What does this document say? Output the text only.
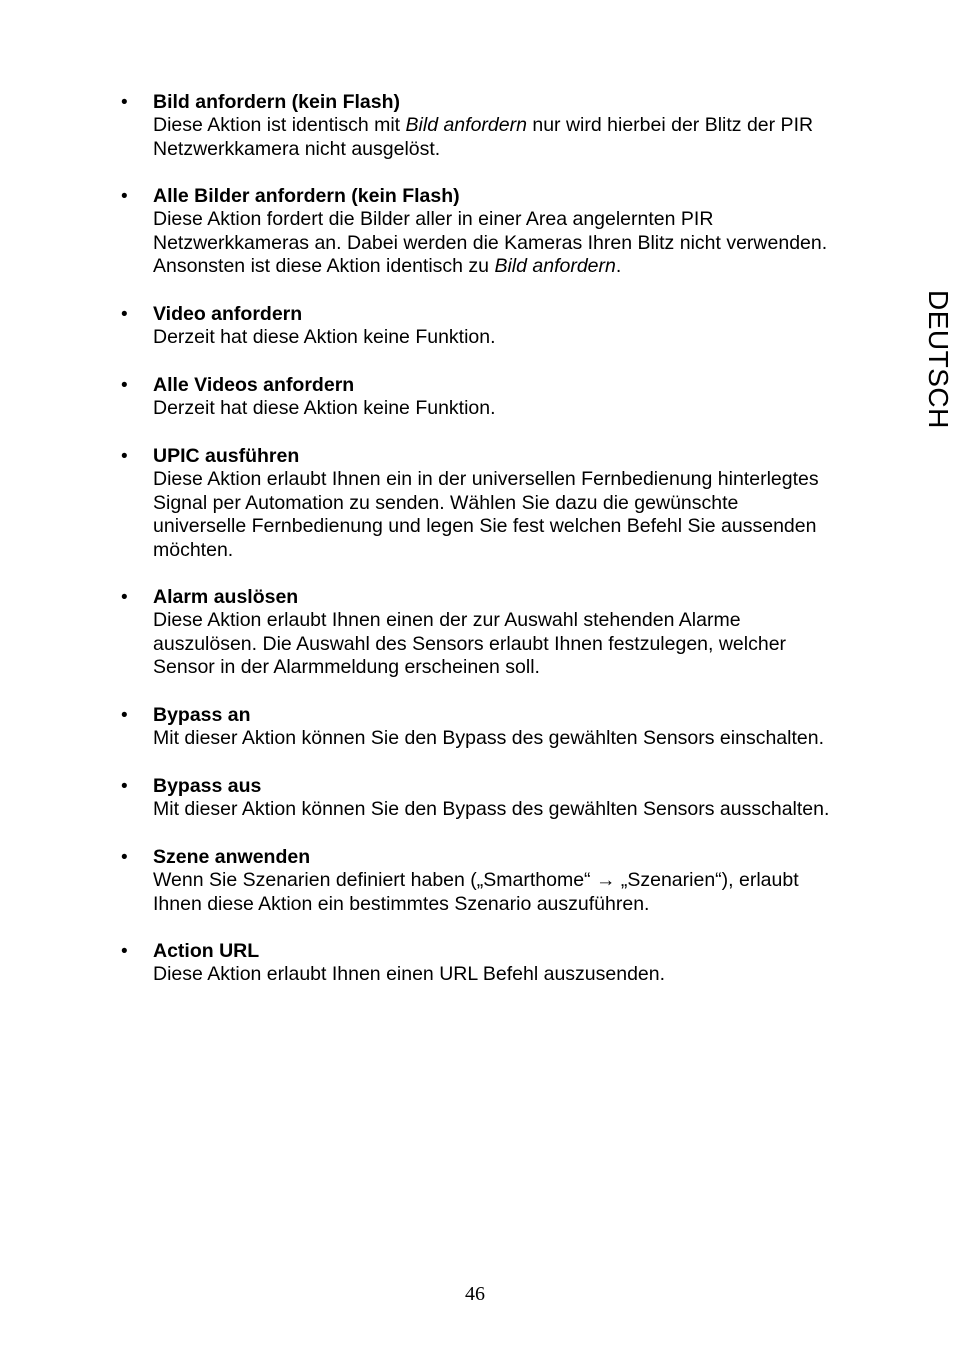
DEUTSCH
• Bild anfordern (kein Flash)
Diese Aktion ist identisch mit Bild anfordern nur wird hierbei der Blitz der PIR
Netzwerkkamera nicht ausgelöst.
• Alle Bilder anfordern (kein Flash)
Diese Aktion fordert die Bilder aller in einer Area angelernten PIR
Netzwerkkameras an. Dabei werden die Kameras Ihren Blitz nicht verwenden.
Ansonsten ist diese Aktion identisch zu Bild anfordern.
• Video anfordern
Derzeit hat diese Aktion keine Funktion.
• Alle Videos anfordern
Derzeit hat diese Aktion keine Funktion.
• UPIC ausführen
Diese Aktion erlaubt Ihnen ein in der universellen Fernbedienung hinterlegtes
Signal per Automation zu senden. Wählen Sie dazu die gewünschte
universelle Fernbedienung und legen Sie fest welchen Befehl Sie aussenden
möchten.
• Alarm auslösen
Diese Aktion erlaubt Ihnen einen der zur Auswahl stehenden Alarme
auszulösen. Die Auswahl des Sensors erlaubt Ihnen festzulegen, welcher
Sensor in der Alarmmeldung erscheinen soll.
• Bypass an
Mit dieser Aktion können Sie den Bypass des gewählten Sensors einschalten.
• Bypass aus
Mit dieser Aktion können Sie den Bypass des gewählten Sensors ausschalten.
• Szene anwenden
Wenn Sie Szenarien definiert haben („Smarthome“ → „Szenarien“), erlaubt
Ihnen diese Aktion ein bestimmtes Szenario auszuführen.
• Action URL
Diese Aktion erlaubt Ihnen einen URL Befehl auszusenden.
46
